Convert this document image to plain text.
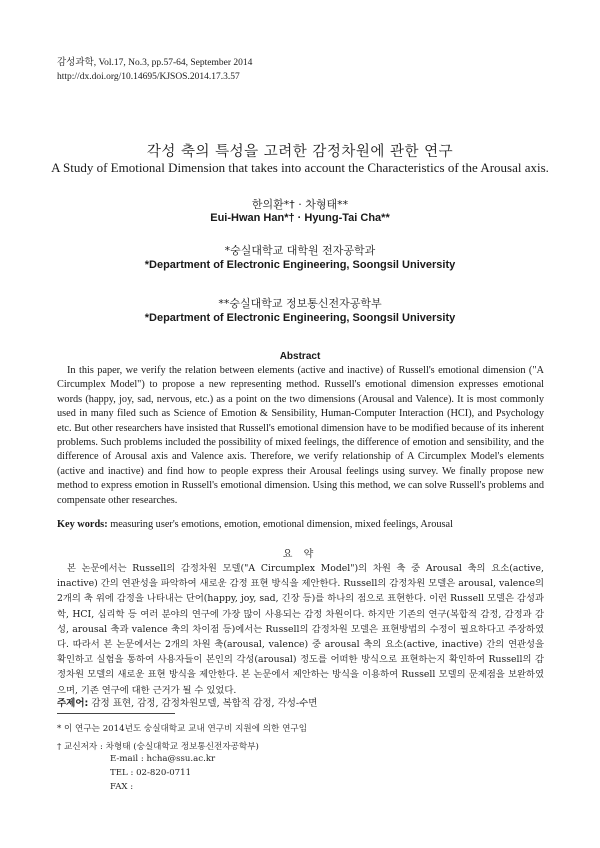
감성과학, Vol.17, No.3, pp.57-64, September 2014
http://dx.doi.org/10.14695/KJSOS.2014.17.3.57
각성 축의 특성을 고려한 감정차원에 관한 연구
A Study of Emotional Dimension that takes into account the Characteristics of the Arousal axis.
한의환*† · 차형태**
Eui-Hwan Han*† · Hyung-Tai Cha**
*숭실대학교 대학원 전자공학과
*Department of Electronic Engineering, Soongsil University
**숭실대학교 정보통신전자공학부
*Department of Electronic Engineering, Soongsil University
Abstract

In this paper, we verify the relation between elements (active and inactive) of Russell's emotional dimension ("A Circumplex Model") to propose a new representing method. Russell's emotional dimension expresses emotional words (happy, joy, sad, nervous, etc.) as a point on the two dimensions (Arousal and Valence). It is most commonly used in many filed such as Science of Emotion & Sensibility, Human-Computer Interaction (HCI), and Psychology etc. But other researchers have insisted that Russell's emotional dimension have to be modified because of its inherent problems. Such problems included the possibility of mixed feelings, the difference of emotion and sensibility, and the difference of Arousal axis and Valence axis. Therefore, we verify relationship of A Circumplex Model's elements (active and inactive) and find how to people express their Arousal feelings using survey. We finally propose new method to express emotion in Russell's emotional dimension. Using this method, we can solve Russell's problems and compensate other researches.

Key words: measuring user's emotions, emotion, emotional dimension, mixed feelings, Arousal
요 약

본 논문에서는 Russell의 감정차원 모델("A Circumplex Model")의 차원 축 중 Arousal 축의 요소(active, inactive) 간의 연관성을 파악하여 새로운 감정 표현 방식을 제안한다. Russell의 감정차원 모델은 arousal, valence의 2개의 축 위에 감정을 나타내는 단어(happy, joy, sad, 긴장 등)를 하나의 점으로 표현한다. 이런 Russell 모델은 감성과학, HCI, 심리학 등 여러 분야의 연구에 가장 많이 사용되는 감정 차원이다. 하지만 기존의 연구(복합적 감정, 감정과 감성, arousal 축과 valence 축의 차이점 등)에서는 Russell의 감정차원 모델은 표현방법의 수정이 필요하다고 주장하였다. 따라서 본 논문에서는 2개의 차원 축(arousal, valence) 중 arousal 축의 요소(active, inactive) 간의 연관성을 확인하고 실험을 통하여 사용자들이 본인의 각성(arousal) 정도를 어떠한 방식으로 표현하는지 확인하여 Russell의 감정차원 모델의 새로운 표현 방식을 제안한다. 본 논문에서 제안하는 방식을 이용하여 Russell 모델의 문제점을 보완하였으며, 기존 연구에 대한 근거가 될 수 있었다.

주제어: 감정 표현, 감정, 감정차원모델, 복합적 감정, 각성-수면
* 이 연구는 2014년도 숭실대학교 교내 연구비 지원에 의한 연구임
† 교신저자 : 차형태 (숭실대학교 정보통신전자공학부)
E-mail : hcha@ssu.ac.kr
TEL : 02-820-0711
FAX :
